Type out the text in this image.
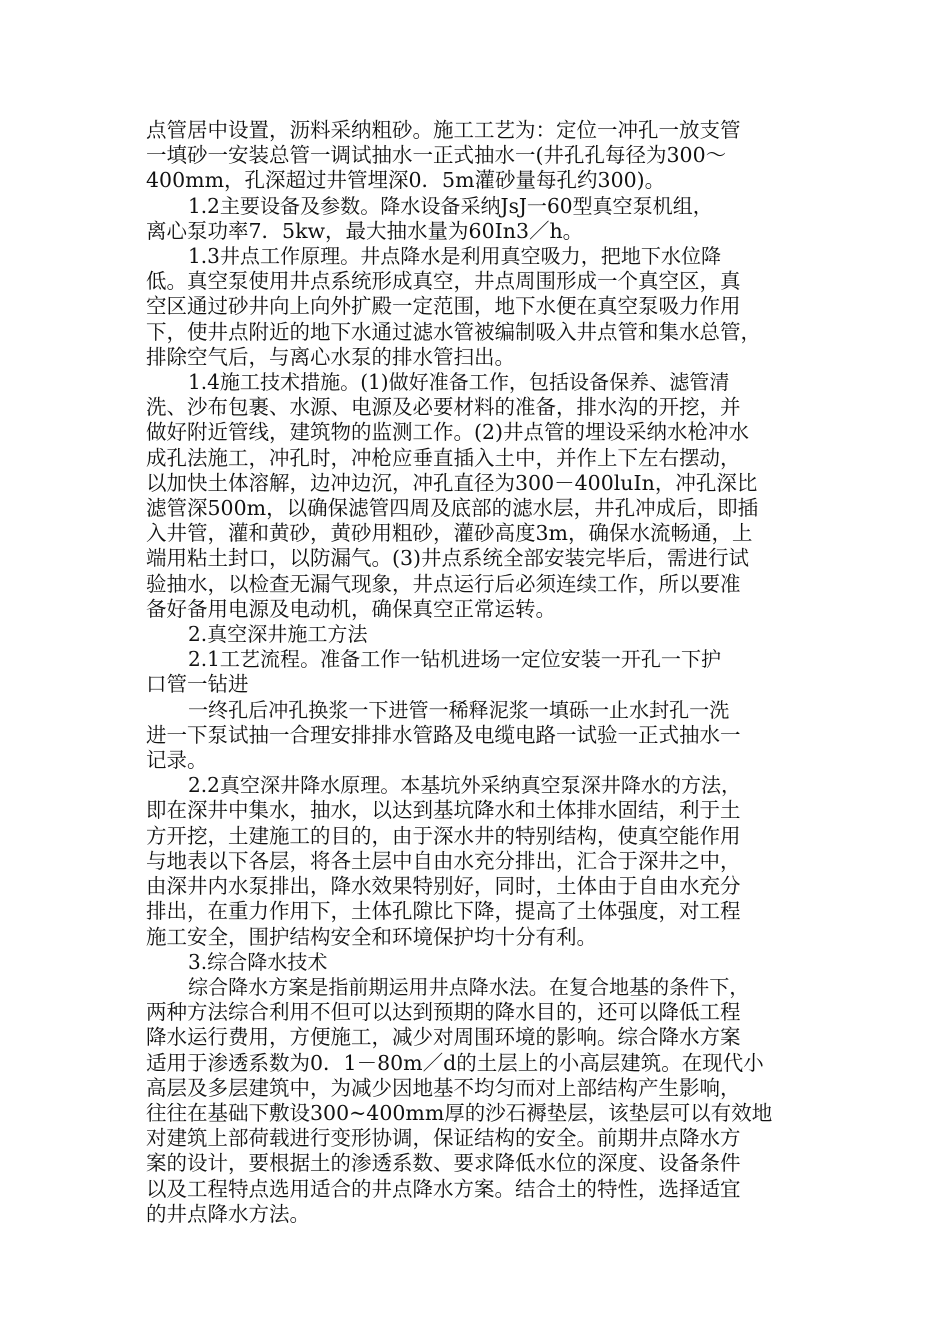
点管居中设置，沥料采纳粗砂。施工工艺为：定位一冲孔一放支管
一填砂一安装总管一调试抽水一正式抽水一(井孔孔每径为300～
400mm，孔深超过井管埋深0．5m灌砂量每孔约300)。
1.2主要设备及参数。降水设备采纳JsJ一60型真空泵机组，
离心泵功率7．5kw，最大抽水量为60In3／h。
1.3井点工作原理。井点降水是利用真空吸力，把地下水位降
低。真空泵使用井点系统形成真空，井点周围形成一个真空区，真
空区通过砂井向上向外扩殿一定范围，地下水便在真空泵吸力作用
下，使井点附近的地下水通过滤水管被编制吸入井点管和集水总管，
排除空气后，与离心水泵的排水管扫出。
1.4施工技术措施。(1)做好准备工作，包括设备保养、滤管清
洗、沙布包裹、水源、电源及必要材料的准备，排水沟的开挖，并
做好附近管线，建筑物的监测工作。(2)井点管的埋设采纳水枪冲水
成孔法施工，冲孔时，冲枪应垂直插入土中，并作上下左右摆动，
以加快土体溶解，边冲边沉，冲孔直径为300－400luIn，冲孔深比
滤管深500m，以确保滤管四周及底部的滤水层，井孔冲成后，即插
入井管，灌和黄砂，黄砂用粗砂，灌砂高度3m，确保水流畅通，上
端用粘土封口，以防漏气。(3)井点系统全部安装完毕后，需进行试
验抽水，以检查无漏气现象，井点运行后必须连续工作，所以要准
备好备用电源及电动机，确保真空正常运转。
2.真空深井施工方法
2.1工艺流程。准备工作一钻机进场一定位安装一开孔一下护
口管一钻进
一终孔后冲孔换浆一下进管一稀释泥浆一填砾一止水封孔一洗
进一下泵试抽一合理安排排水管路及电缆电路一试验一正式抽水一
记录。
2.2真空深井降水原理。本基坑外采纳真空泵深井降水的方法，
即在深井中集水，抽水，以达到基坑降水和土体排水固结，利于土
方开挖，土建施工的目的，由于深水井的特别结构，使真空能作用
与地表以下各层，将各土层中自由水充分排出，汇合于深井之中，
由深井内水泵排出，降水效果特别好，同时，土体由于自由水充分
排出，在重力作用下，土体孔隙比下降，提高了土体强度，对工程
施工安全，围护结构安全和环境保护均十分有利。
3.综合降水技术
综合降水方案是指前期运用井点降水法。在复合地基的条件下，
两种方法综合利用不但可以达到预期的降水目的，还可以降低工程
降水运行费用，方便施工，减少对周围环境的影响。综合降水方案
适用于渗透系数为0．1－80m／d的土层上的小高层建筑。在现代小
高层及多层建筑中，为减少因地基不均匀而对上部结构产生影响，
往往在基础下敷设300~400mm厚的沙石褥垫层，该垫层可以有效地
对建筑上部荷载进行变形协调，保证结构的安全。前期井点降水方
案的设计，要根据土的渗透系数、要求降低水位的深度、设备条件
以及工程特点选用适合的井点降水方案。结合土的特性，选择适宜
的井点降水方法。
